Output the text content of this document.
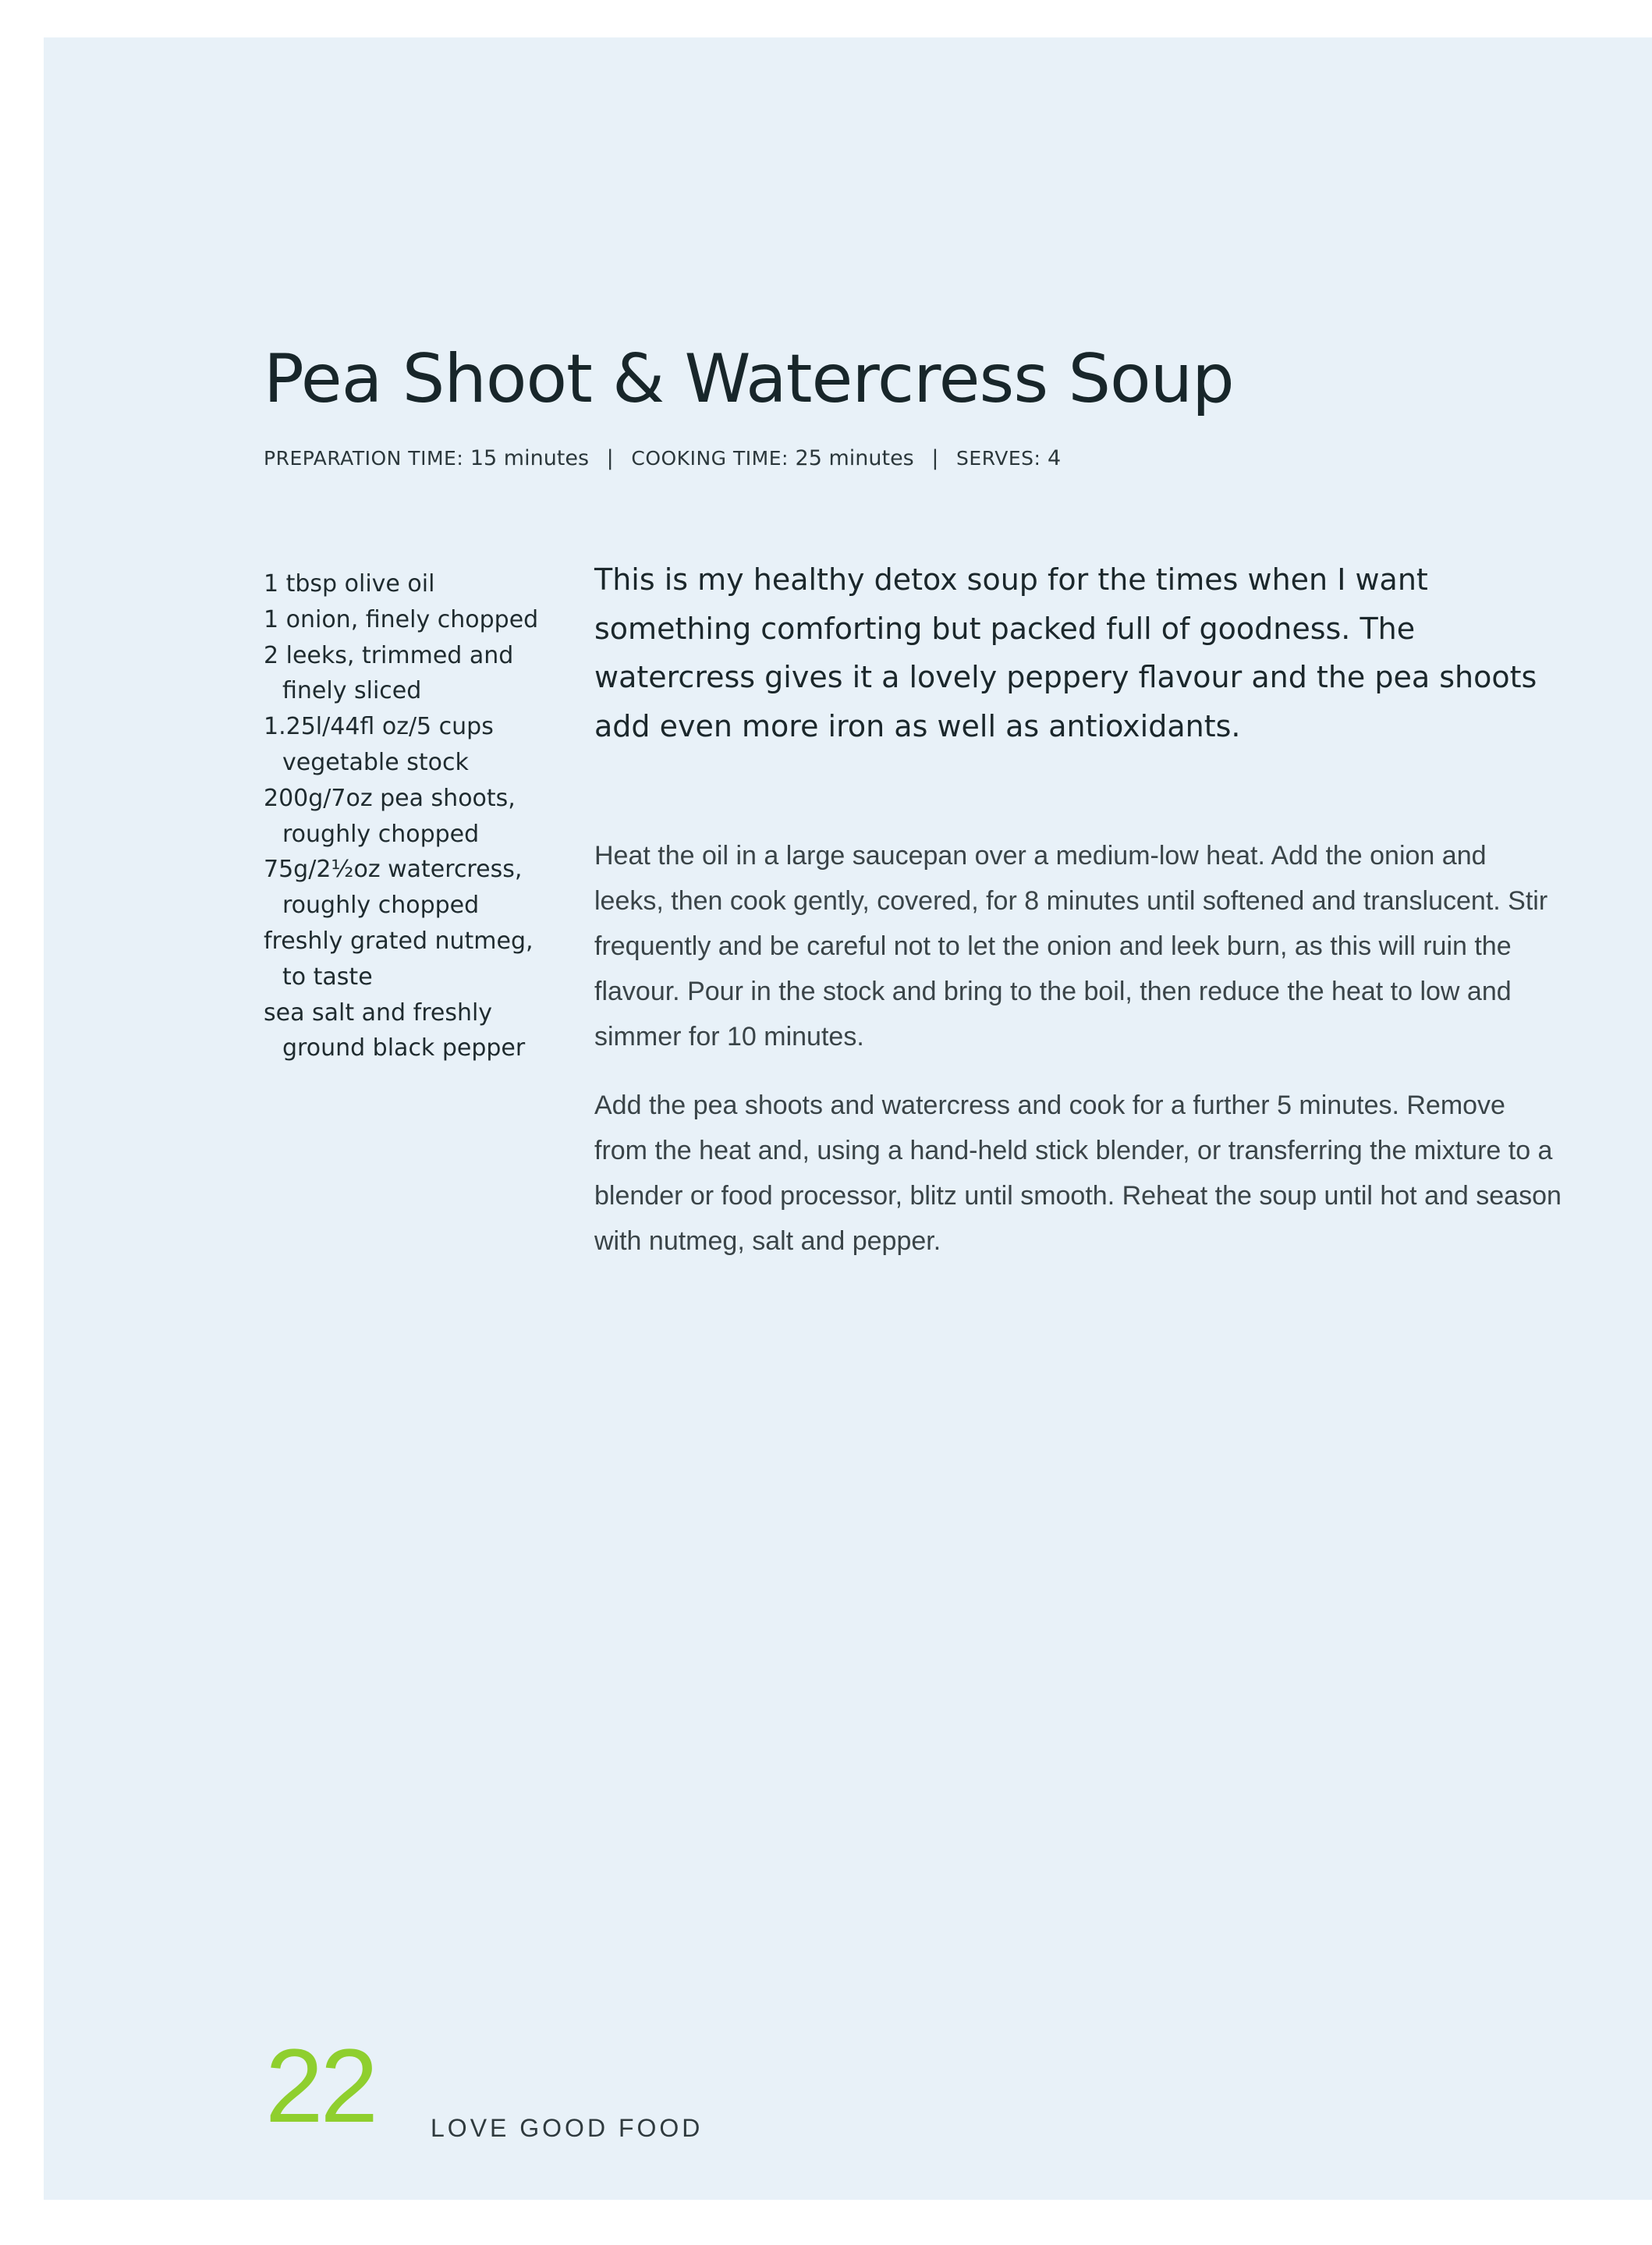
Pea Shoot & Watercress Soup
PREPARATION TIME: 15 minutes | COOKING TIME: 25 minutes | SERVES: 4
1 tbsp olive oil
1 onion, finely chopped
2 leeks, trimmed and finely sliced
1.25l/44fl oz/5 cups vegetable stock
200g/7oz pea shoots, roughly chopped
75g/2½oz watercress, roughly chopped
freshly grated nutmeg, to taste
sea salt and freshly ground black pepper

This is my healthy detox soup for the times when I want something comforting but packed full of goodness. The watercress gives it a lovely peppery flavour and the pea shoots add even more iron as well as antioxidants.

Heat the oil in a large saucepan over a medium-low heat. Add the onion and leeks, then cook gently, covered, for 8 minutes until softened and translucent. Stir frequently and be careful not to let the onion and leek burn, as this will ruin the flavour. Pour in the stock and bring to the boil, then reduce the heat to low and simmer for 10 minutes.

Add the pea shoots and watercress and cook for a further 5 minutes. Remove from the heat and, using a hand-held stick blender, or transferring the mixture to a blender or food processor, blitz until smooth. Reheat the soup until hot and season with nutmeg, salt and pepper.

22 LOVE GOOD FOOD
